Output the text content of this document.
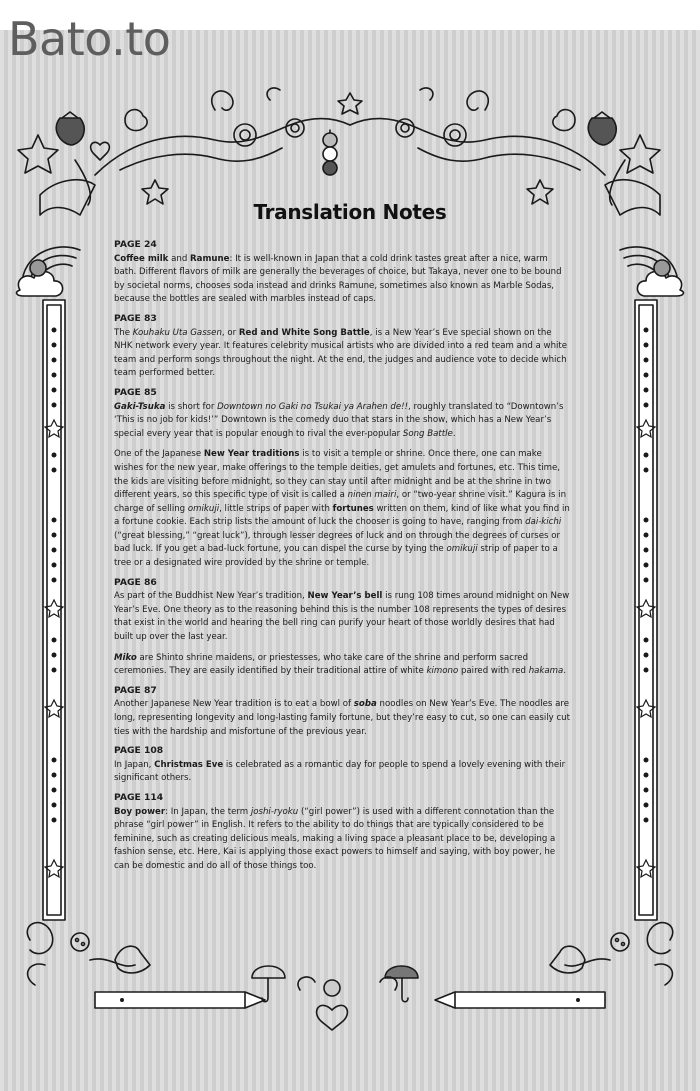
Bato.to
Translation Notes
PAGE 24

Coffee milk and Ramune: It is well-known in Japan that a cold drink tastes great after a nice, warm bath. Different flavors of milk are generally the beverages of choice, but Takaya, never one to be bound by societal norms, chooses soda instead and drinks Ramune, sometimes also known as Marble Sodas, because the bottles are sealed with marbles instead of caps.

PAGE 83

The Kouhaku Uta Gassen, or Red and White Song Battle, is a New Year’s Eve special shown on the NHK network every year. It features celebrity musical artists who are divided into a red team and a white team and perform songs throughout the night. At the end, the judges and audience vote to decide which team performed better.

PAGE 85

Gaki-Tsuka is short for Downtown no Gaki no Tsukai ya Arahen de!!, roughly translated to “Downtown’s ‘This is no job for kids!’” Downtown is the comedy duo that stars in the show, which has a New Year’s special every year that is popular enough to rival the ever-popular Song Battle.

One of the Japanese New Year traditions is to visit a temple or shrine. Once there, one can make wishes for the new year, make offerings to the temple deities, get amulets and fortunes, etc. This time, the kids are visiting before midnight, so they can stay until after midnight and be at the shrine in two different years, so this specific type of visit is called a ninen mairi, or “two-year shrine visit.” Kagura is in charge of selling omikuji, little strips of paper with fortunes written on them, kind of like what you find in a fortune cookie. Each strip lists the amount of luck the chooser is going to have, ranging from dai-kichi (“great blessing,” “great luck”), through lesser degrees of luck and on through the degrees of curses or bad luck. If you get a bad-luck fortune, you can dispel the curse by tying the omikuji strip of paper to a tree or a designated wire provided by the shrine or temple.

PAGE 86

As part of the Buddhist New Year’s tradition, New Year’s bell is rung 108 times around midnight on New Year’s Eve. One theory as to the reasoning behind this is the number 108 represents the types of desires that exist in the world and hearing the bell ring can purify your heart of those worldly desires that had built up over the last year.

Miko are Shinto shrine maidens, or priestesses, who take care of the shrine and perform sacred ceremonies. They are easily identified by their traditional attire of white kimono paired with red hakama.

PAGE 87

Another Japanese New Year tradition is to eat a bowl of soba noodles on New Year’s Eve. The noodles are long, representing longevity and long-lasting family fortune, but they’re easy to cut, so one can easily cut ties with the hardship and misfortune of the previous year.

PAGE 108

In Japan, Christmas Eve is celebrated as a romantic day for people to spend a lovely evening with their significant others.

PAGE 114

Boy power: In Japan, the term joshi-ryoku (“girl power”) is used with a different connotation than the phrase “girl power” in English. It refers to the ability to do things that are typically considered to be feminine, such as creating delicious meals, making a living space a pleasant place to be, developing a fashion sense, etc. Here, Kai is applying those exact powers to himself and saying, with boy power, he can be domestic and do all of those things too.
